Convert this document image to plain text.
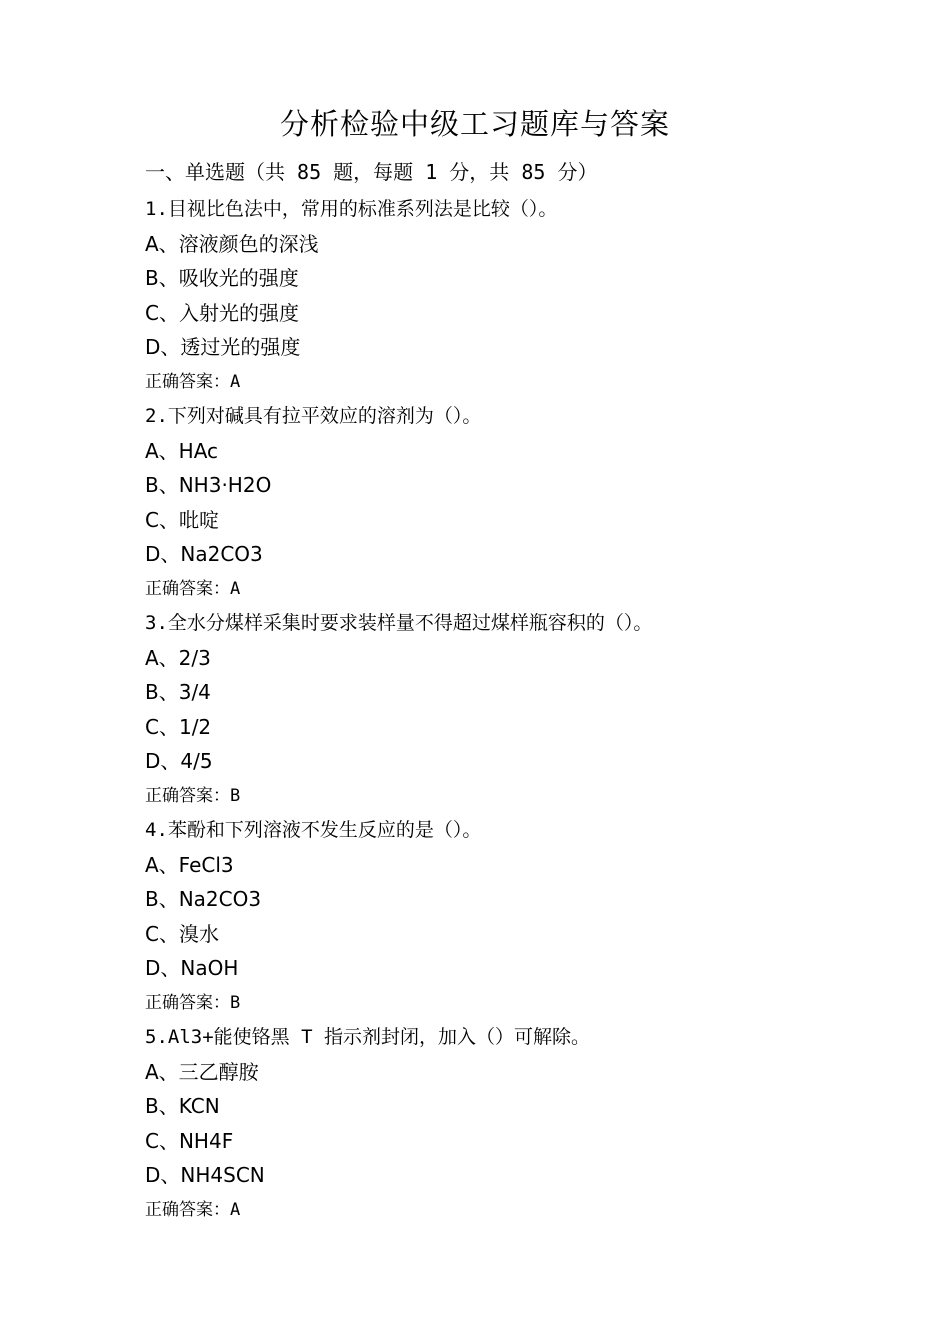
分析检验中级工习题库与答案
一、单选题（共 85 题，每题 1 分，共 85 分）
1.目视比色法中，常用的标准系列法是比较（）。
A、溶液颜色的深浅
B、吸收光的强度
C、入射光的强度
D、透过光的强度
正确答案：A
2.下列对碱具有拉平效应的溶剂为（）。
A、HAc
B、NH3·H2O
C、吡啶
D、Na2CO3
正确答案：A
3.全水分煤样采集时要求装样量不得超过煤样瓶容积的（）。
A、2/3
B、3/4
C、1/2
D、4/5
正确答案：B
4.苯酚和下列溶液不发生反应的是（）。
A、FeCl3
B、Na2CO3
C、溴水
D、NaOH
正确答案：B
5.Al3+能使铬黑 T 指示剂封闭，加入（）可解除。
A、三乙醇胺
B、KCN
C、NH4F
D、NH4SCN
正确答案：A
